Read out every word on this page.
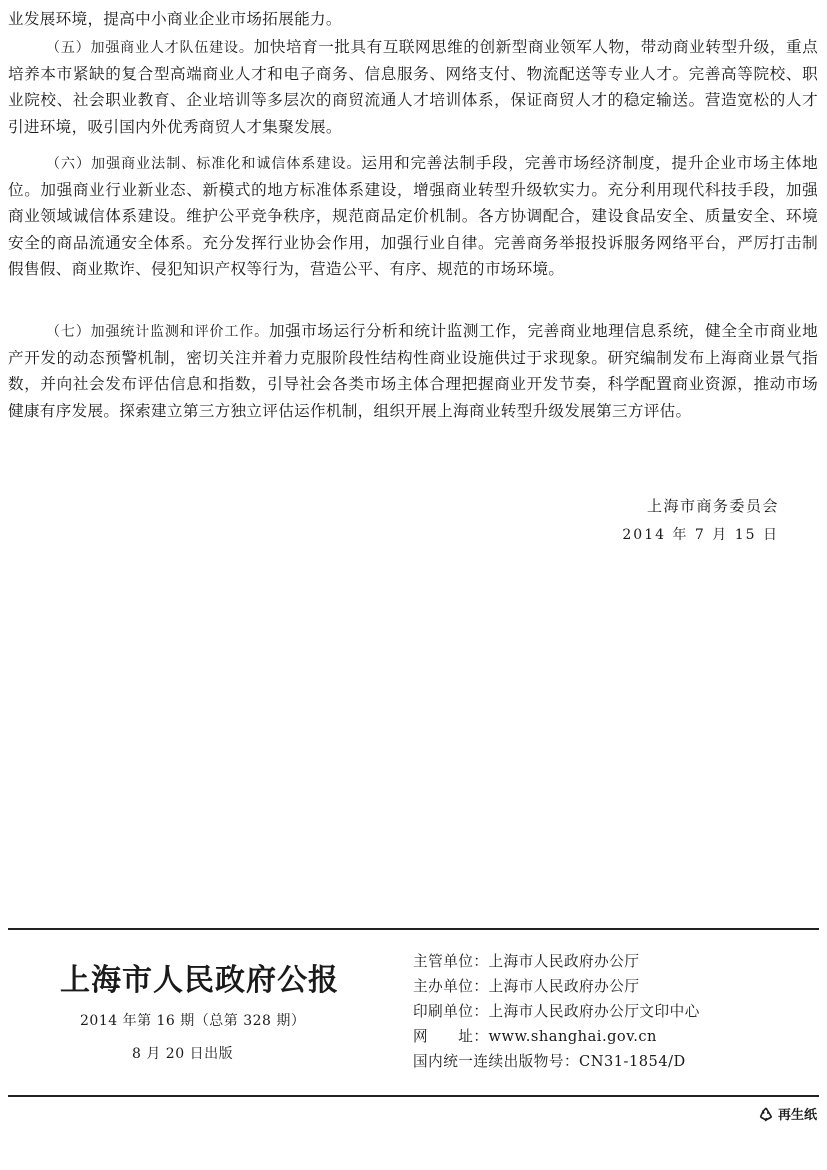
业发展环境，提高中小商业企业市场拓展能力。

（五）加强商业人才队伍建设。加快培育一批具有互联网思维的创新型商业领军人物，带动商业转型升级，重点培养本市紧缺的复合型高端商业人才和电子商务、信息服务、网络支付、物流配送等专业人才。完善高等院校、职业院校、社会职业教育、企业培训等多层次的商贸流通人才培训体系，保证商贸人才的稳定输送。营造宽松的人才引进环境，吸引国内外优秀商贸人才集聚发展。

（六）加强商业法制、标准化和诚信体系建设。运用和完善法制手段，完善市场经济制度，提升企业市场主体地位。加强商业行业新业态、新模式的地方标准体系建设，增强商业转型升级软实力。充分利用现代科技手段，加强商业领域诚信体系建设。维护公平竞争秩序，规范商品定价机制。各方协调配合，建设食品安全、质量安全、环境安全的商品流通安全体系。充分发挥行业协会作用，加强行业自律。完善商务举报投诉服务网络平台，严厉打击制假售假、商业欺诈、侵犯知识产权等行为，营造公平、有序、规范的市场环境。

（七）加强统计监测和评价工作。加强市场运行分析和统计监测工作，完善商业地理信息系统，健全全市商业地产开发的动态预警机制，密切关注并着力克服阶段性结构性商业设施供过于求现象。研究编制发布上海商业景气指数，并向社会发布评估信息和指数，引导社会各类市场主体合理把握商业开发节奏，科学配置商业资源，推动市场健康有序发展。探索建立第三方独立评估运作机制，组织开展上海商业转型升级发展第三方评估。

上海市商务委员会
2014 年 7 月 15 日
上海市人民政府公报
2014 年第 16 期（总第 328 期）
8 月 20 日出版
主管单位：上海市人民政府办公厅
主办单位：上海市人民政府办公厅
印刷单位：上海市人民政府办公厅文印中心
网　　址：www.shanghai.gov.cn
国内统一连续出版物号：CN31-1854/D
再生纸
